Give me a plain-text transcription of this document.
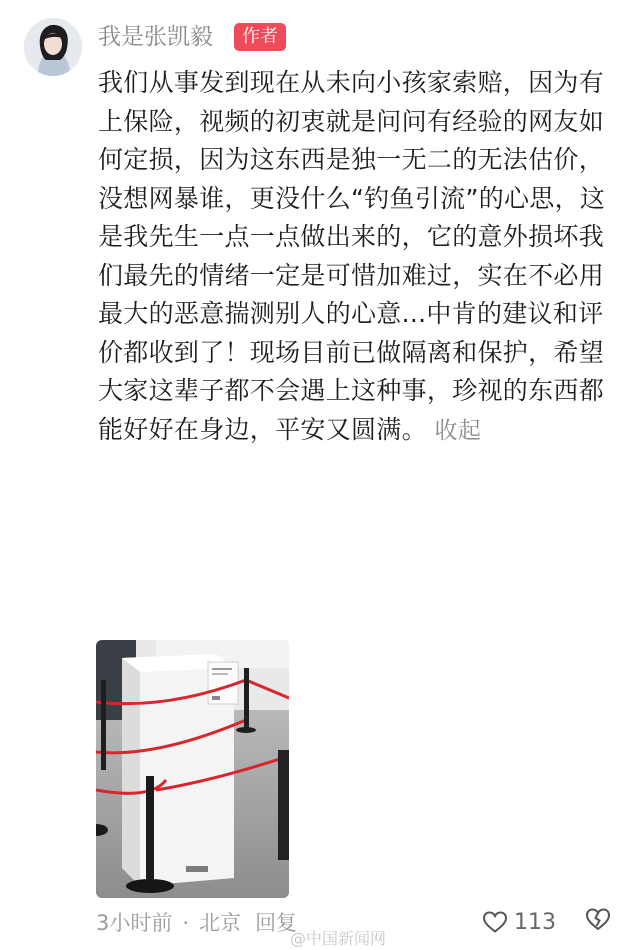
我是张凯毅	作者
我们从事发到现在从未向小孩家索赔，因为有上保险，视频的初衷就是问问有经验的网友如何定损，因为这东西是独一无二的无法估价，没想网暴谁，更没什么“钓鱼引流”的心思，这是我先生一点一点做出来的，它的意外损坏我们最先的情绪一定是可惜加难过，实在不必用最大的恶意揣测别人的心意...中肯的建议和评价都收到了！现场目前已做隔离和保护，希望大家这辈子都不会遇上这种事，珍视的东西都能好好在身边，平安又圆满。 收起
3小时前 · 北京 回复
@中国新闻网
113
